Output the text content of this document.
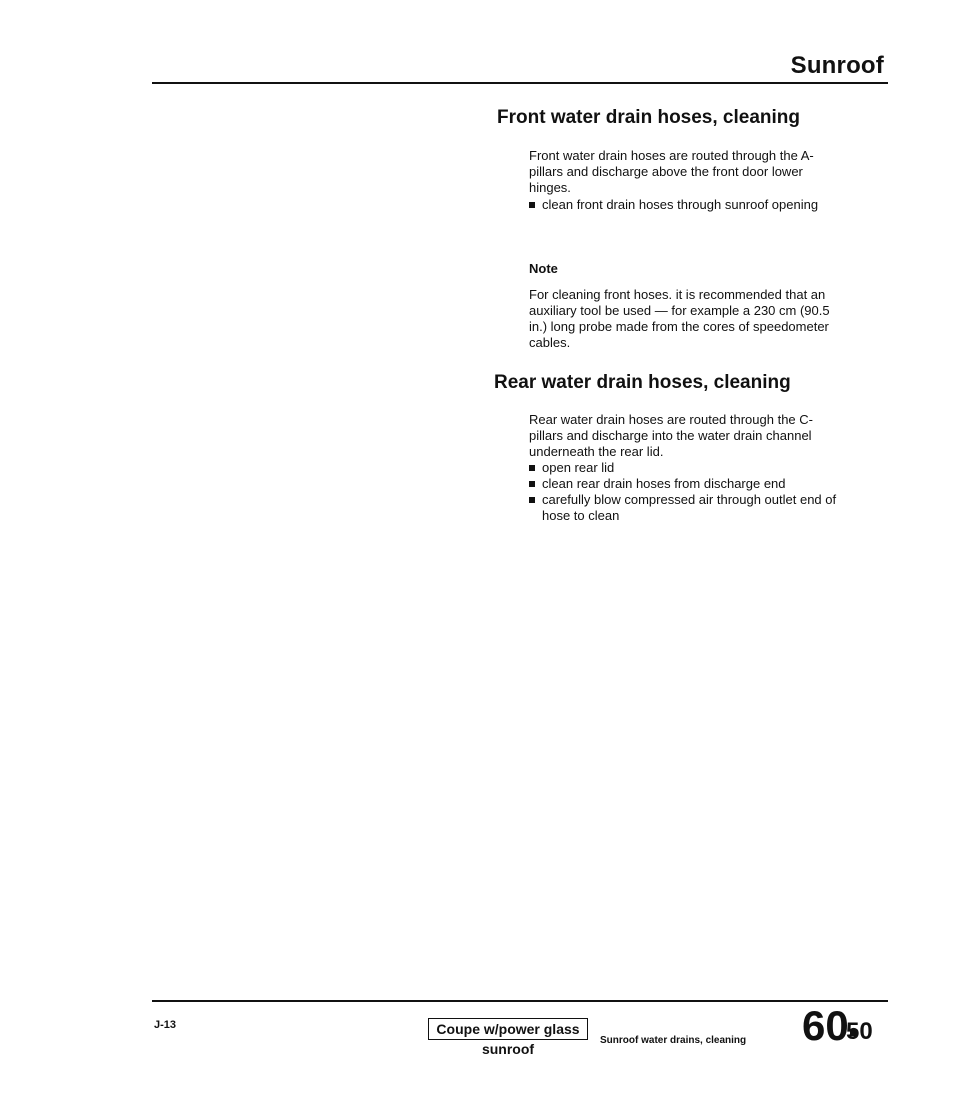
Sunroof
Front water drain hoses, cleaning
Front water drain hoses are routed through the A-pillars and discharge above the front door lower hinges.
clean front drain hoses through sunroof opening
Note
For cleaning front hoses. it is recommended that an auxiliary tool be used — for example a 230 cm (90.5 in.) long probe made from the cores of speedometer cables.
Rear water drain hoses, cleaning
Rear water drain hoses are routed through the C-pillars and discharge into the water drain channel underneath the rear lid.
open rear lid
clean rear drain hoses from discharge end
carefully blow compressed air through outlet end of hose to clean
J-13	Coupe w/power glass sunroof
Sunroof water drains, cleaning 60
50
